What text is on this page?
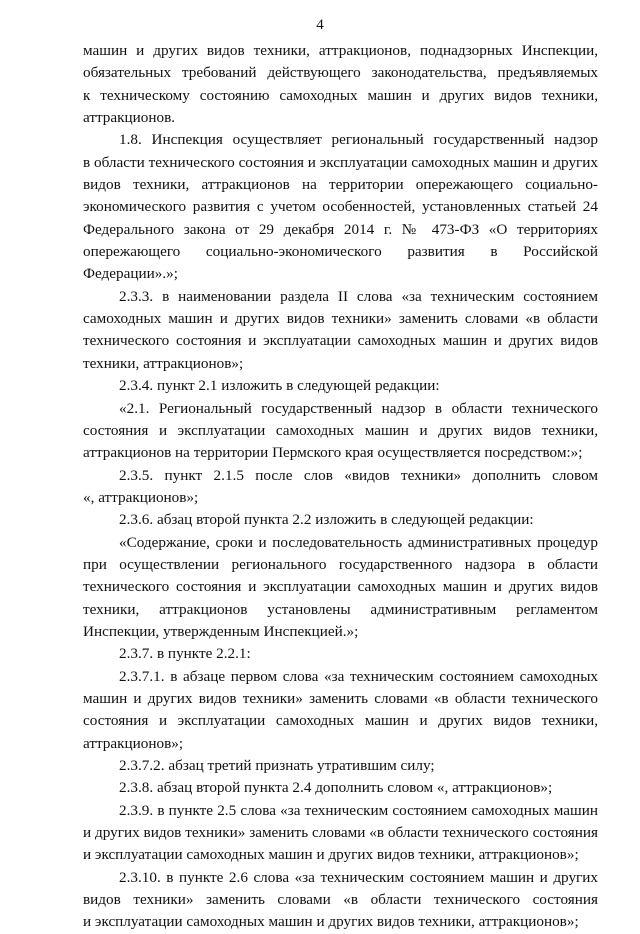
4
машин и других видов техники, аттракционов, поднадзорных Инспекции,
обязательных требований действующего законодательства, предъявляемых
к техническому состоянию самоходных машин и других видов техники,
аттракционов.
1.8. Инспекция осуществляет региональный государственный надзор
в области технического состояния и эксплуатации самоходных машин и других
видов техники, аттракционов на территории опережающего социально-
экономического развития с учетом особенностей, установленных статьей 24
Федерального закона от 29 декабря 2014 г. № 473-ФЗ «О территориях
опережающего социально-экономического развития в Российской
Федерации».»;
2.3.3. в наименовании раздела II слова «за техническим состоянием
самоходных машин и других видов техники» заменить словами «в области
технического состояния и эксплуатации самоходных машин и других видов
техники, аттракционов»;
2.3.4. пункт 2.1 изложить в следующей редакции:
«2.1. Региональный государственный надзор в области технического
состояния и эксплуатации самоходных машин и других видов техники,
аттракционов на территории Пермского края осуществляется посредством:»;
2.3.5. пункт 2.1.5 после слов «видов техники» дополнить словом
«, аттракционов»;
2.3.6. абзац второй пункта 2.2 изложить в следующей редакции:
«Содержание, сроки и последовательность административных процедур
при осуществлении регионального государственного надзора в области
технического состояния и эксплуатации самоходных машин и других видов
техники, аттракционов установлены административным регламентом
Инспекции, утвержденным Инспекцией.»;
2.3.7. в пункте 2.2.1:
2.3.7.1. в абзаце первом слова «за техническим состоянием самоходных
машин и других видов техники» заменить словами «в области технического
состояния и эксплуатации самоходных машин и других видов техники,
аттракционов»;
2.3.7.2. абзац третий признать утратившим силу;
2.3.8. абзац второй пункта 2.4 дополнить словом «, аттракционов»;
2.3.9. в пункте 2.5 слова «за техническим состоянием самоходных машин
и других видов техники» заменить словами «в области технического состояния
и эксплуатации самоходных машин и других видов техники, аттракционов»;
2.3.10. в пункте 2.6 слова «за техническим состоянием машин и других
видов техники» заменить словами «в области технического состояния
и эксплуатации самоходных машин и других видов техники, аттракционов»;
